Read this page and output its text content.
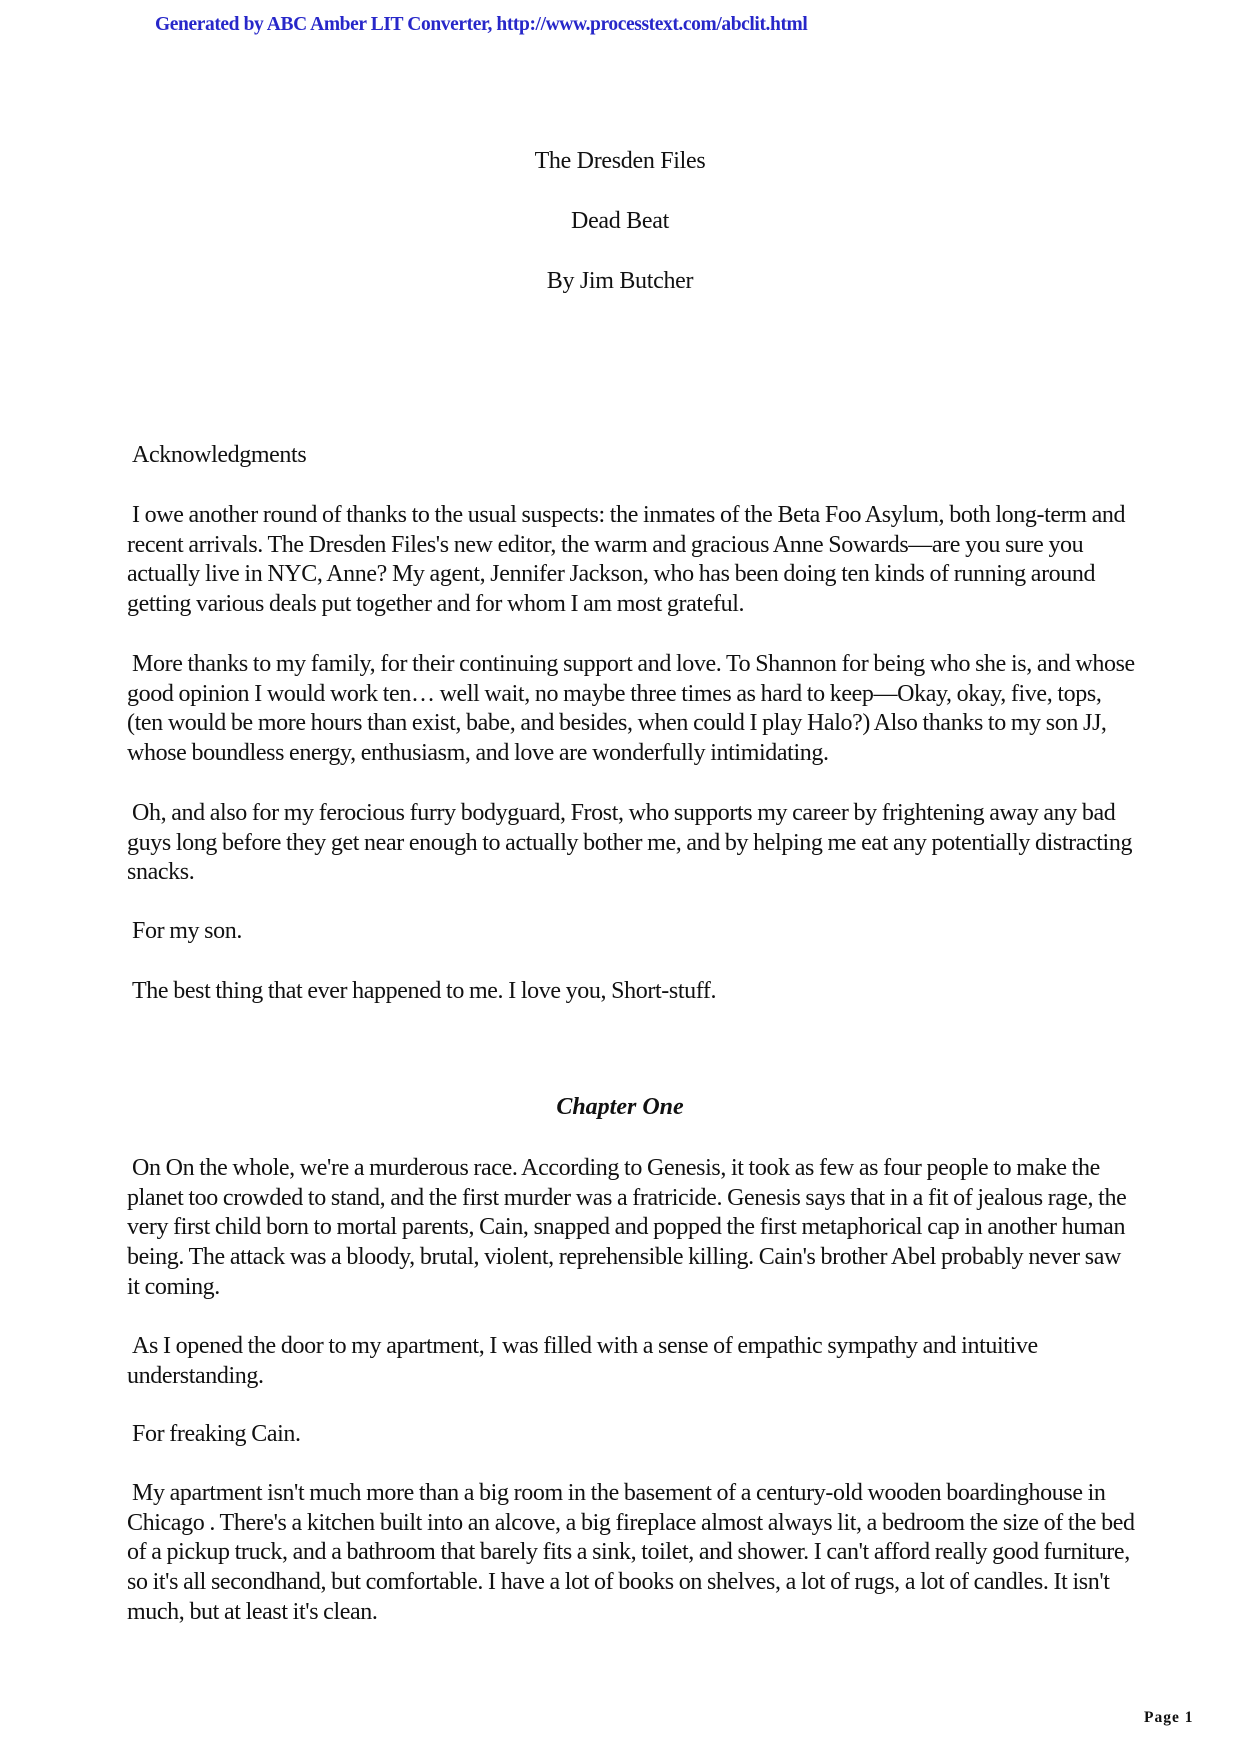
Generated by ABC Amber LIT Converter, http://www.processtext.com/abclit.html
The Dresden Files
Dead Beat
By Jim Butcher
Acknowledgments
I owe another round of thanks to the usual suspects: the inmates of the Beta Foo Asylum, both long-term and recent arrivals. The Dresden Files's new editor, the warm and gracious Anne Sowards—are you sure you actually live in NYC, Anne? My agent, Jennifer Jackson, who has been doing ten kinds of running around getting various deals put together and for whom I am most grateful.
More thanks to my family, for their continuing support and love. To Shannon for being who she is, and whose good opinion I would work ten… well wait, no maybe three times as hard to keep—Okay, okay, five, tops, (ten would be more hours than exist, babe, and besides, when could I play Halo?) Also thanks to my son JJ, whose boundless energy, enthusiasm, and love are wonderfully intimidating.
Oh, and also for my ferocious furry bodyguard, Frost, who supports my career by frightening away any bad guys long before they get near enough to actually bother me, and by helping me eat any potentially distracting snacks.
For my son.
The best thing that ever happened to me. I love you, Short-stuff.
Chapter One
On On the whole, we're a murderous race. According to Genesis, it took as few as four people to make the planet too crowded to stand, and the first murder was a fratricide. Genesis says that in a fit of jealous rage, the very first child born to mortal parents, Cain, snapped and popped the first metaphorical cap in another human being. The attack was a bloody, brutal, violent, reprehensible killing. Cain's brother Abel probably never saw it coming.
As I opened the door to my apartment, I was filled with a sense of empathic sympathy and intuitive understanding.
For freaking Cain.
My apartment isn't much more than a big room in the basement of a century-old wooden boardinghouse in Chicago . There's a kitchen built into an alcove, a big fireplace almost always lit, a bedroom the size of the bed of a pickup truck, and a bathroom that barely fits a sink, toilet, and shower. I can't afford really good furniture, so it's all secondhand, but comfortable. I have a lot of books on shelves, a lot of rugs, a lot of candles. It isn't much, but at least it's clean.
Page 1
